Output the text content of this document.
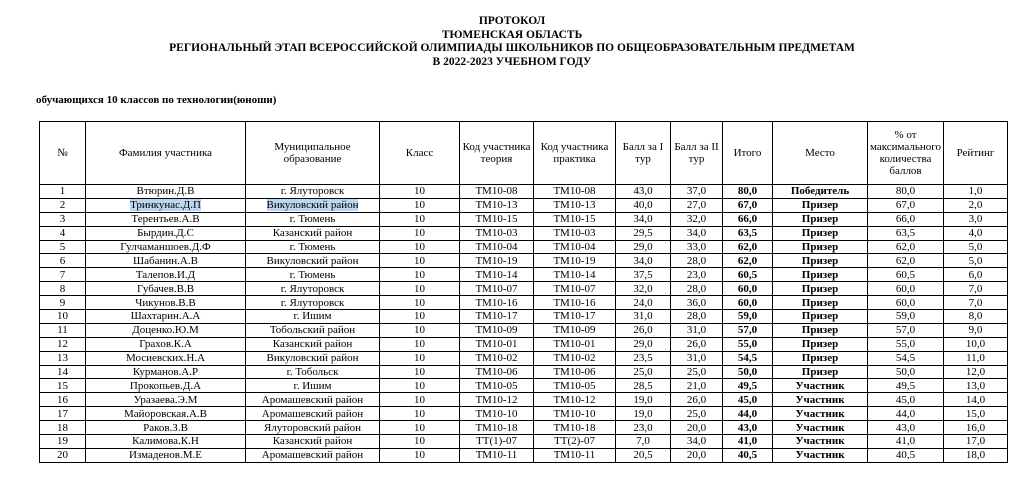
ПРОТОКОЛ
ТЮМЕНСКАЯ ОБЛАСТЬ
РЕГИОНАЛЬНЫЙ ЭТАП ВСЕРОССИЙСКОЙ ОЛИМПИАДЫ ШКОЛЬНИКОВ ПО ОБЩЕОБРАЗОВАТЕЛЬНЫМ ПРЕДМЕТАМ
В 2022-2023 УЧЕБНОМ ГОДУ
обучающихся 10 классов по технологии(юноши)
№	Фамилия участника	Муниципальное образование	Класс	Код участника теория	Код участника практика	Балл за I тур	Балл за II тур	Итого	Место	% от максимального количества баллов	Рейтинг
1	Втюрин.Д.В	г. Ялуторовск	10	ТМ10-08	ТМ10-08	43,0	37,0	80,0	Победитель	80,0	1,0
2	Тринкунас.Д.П	Викуловский район	10	ТМ10-13	ТМ10-13	40,0	27,0	67,0	Призер	67,0	2,0
3	Терентьев.А.В	г. Тюмень	10	ТМ10-15	ТМ10-15	34,0	32,0	66,0	Призер	66,0	3,0
4	Бырдин.Д.С	Казанский район	10	ТМ10-03	ТМ10-03	29,5	34,0	63,5	Призер	63,5	4,0
5	Гулчаманшоев.Д.Ф	г. Тюмень	10	ТМ10-04	ТМ10-04	29,0	33,0	62,0	Призер	62,0	5,0
6	Шабанин.А.В	Викуловский район	10	ТМ10-19	ТМ10-19	34,0	28,0	62,0	Призер	62,0	5,0
7	Талепов.И.Д	г. Тюмень	10	ТМ10-14	ТМ10-14	37,5	23,0	60,5	Призер	60,5	6,0
8	Губачев.В.В	г. Ялуторовск	10	ТМ10-07	ТМ10-07	32,0	28,0	60,0	Призер	60,0	7,0
9	Чикунов.В.В	г. Ялуторовск	10	ТМ10-16	ТМ10-16	24,0	36,0	60,0	Призер	60,0	7,0
10	Шахтарин.А.А	г. Ишим	10	ТМ10-17	ТМ10-17	31,0	28,0	59,0	Призер	59,0	8,0
11	Доценко.Ю.М	Тобольский район	10	ТМ10-09	ТМ10-09	26,0	31,0	57,0	Призер	57,0	9,0
12	Грахов.К.А	Казанский район	10	ТМ10-01	ТМ10-01	29,0	26,0	55,0	Призер	55,0	10,0
13	Мосиевских.Н.А	Викуловский район	10	ТМ10-02	ТМ10-02	23,5	31,0	54,5	Призер	54,5	11,0
14	Курманов.А.Р	г. Тобольск	10	ТМ10-06	ТМ10-06	25,0	25,0	50,0	Призер	50,0	12,0
15	Прокопьев.Д.А	г. Ишим	10	ТМ10-05	ТМ10-05	28,5	21,0	49,5	Участник	49,5	13,0
16	Уразаева.Э.М	Аромашевский район	10	ТМ10-12	ТМ10-12	19,0	26,0	45,0	Участник	45,0	14,0
17	Майоровская.А.В	Аромашевский район	10	ТМ10-10	ТМ10-10	19,0	25,0	44,0	Участник	44,0	15,0
18	Раков.З.В	Ялуторовский район	10	ТМ10-18	ТМ10-18	23,0	20,0	43,0	Участник	43,0	16,0
19	Калимова.К.Н	Казанский район	10	ТТ(1)-07	ТТ(2)-07	7,0	34,0	41,0	Участник	41,0	17,0
20	Измаденов.М.Е	Аромашевский район	10	ТМ10-11	ТМ10-11	20,5	20,0	40,5	Участник	40,5	18,0
